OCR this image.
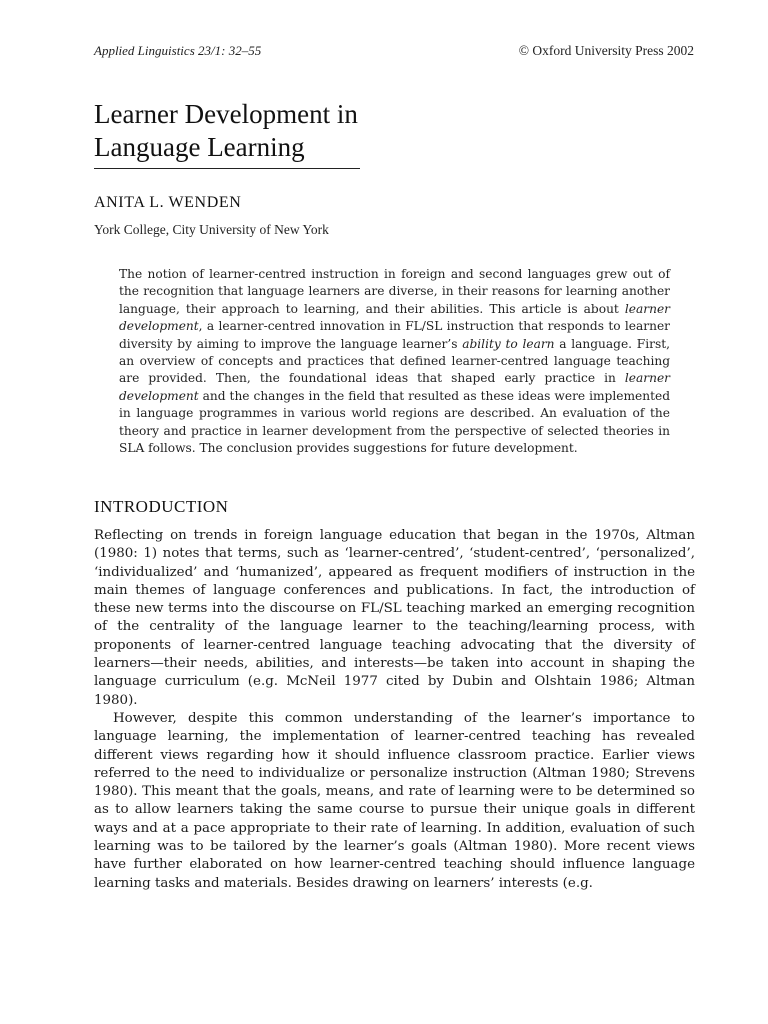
Applied Linguistics 23/1: 32–55	© Oxford University Press 2002
Learner Development in
Language Learning
ANITA L. WENDEN
York College, City University of New York

The notion of learner-centred instruction in foreign and second languages grew out of the recognition that language learners are diverse, in their reasons for learning another language, their approach to learning, and their abilities. This article is about learner development, a learner-centred innovation in FL/SL instruction that responds to learner diversity by aiming to improve the language learner’s ability to learn a language. First, an overview of concepts and practices that defined learner-centred language teaching are provided. Then, the foundational ideas that shaped early practice in learner development and the changes in the field that resulted as these ideas were implemented in language programmes in various world regions are described. An evaluation of the theory and practice in learner development from the perspective of selected theories in SLA follows. The conclusion provides suggestions for future development.

INTRODUCTION

Reflecting on trends in foreign language education that began in the 1970s, Altman (1980: 1) notes that terms, such as ‘learner-centred’, ‘student-centred’, ‘personalized’, ‘individualized’ and ‘humanized’, appeared as frequent modifiers of instruction in the main themes of language conferences and publications. In fact, the introduction of these new terms into the discourse on FL/SL teaching marked an emerging recognition of the centrality of the language learner to the teaching/learning process, with proponents of learner-centred language teaching advocating that the diversity of learners—their needs, abilities, and interests—be taken into account in shaping the language curriculum (e.g. McNeil 1977 cited by Dubin and Olshtain 1986; Altman 1980).

However, despite this common understanding of the learner’s importance to language learning, the implementation of learner-centred teaching has revealed different views regarding how it should influence classroom practice. Earlier views referred to the need to individualize or personalize instruction (Altman 1980; Strevens 1980). This meant that the goals, means, and rate of learning were to be determined so as to allow learners taking the same course to pursue their unique goals in different ways and at a pace appropriate to their rate of learning. In addition, evaluation of such learning was to be tailored by the learner’s goals (Altman 1980). More recent views have further elaborated on how learner-centred teaching should influence language learning tasks and materials. Besides drawing on learners’ interests (e.g.
